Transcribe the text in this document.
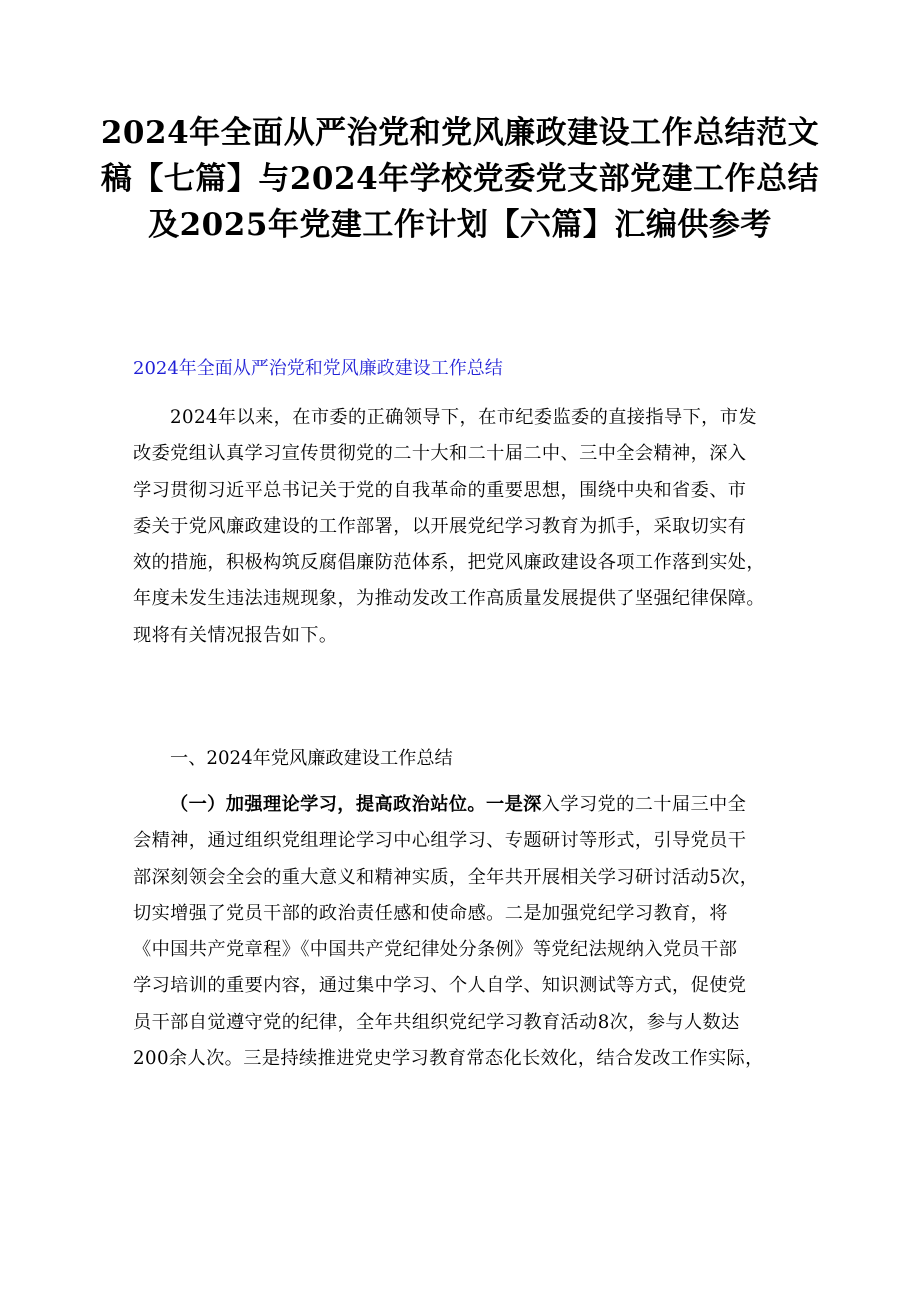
2024年全面从严治党和党风廉政建设工作总结范文
稿【七篇】与2024年学校党委党支部党建工作总结
及2025年党建工作计划【六篇】汇编供参考
2024年全面从严治党和党风廉政建设工作总结
2024年以来，在市委的正确领导下，在市纪委监委的直接指导下，市发
改委党组认真学习宣传贯彻党的二十大和二十届二中、三中全会精神，深入
学习贯彻习近平总书记关于党的自我革命的重要思想，围绕中央和省委、市
委关于党风廉政建设的工作部署，以开展党纪学习教育为抓手，采取切实有
效的措施，积极构筑反腐倡廉防范体系，把党风廉政建设各项工作落到实处，
年度未发生违法违规现象，为推动发改工作高质量发展提供了坚强纪律保障。
现将有关情况报告如下。
一、2024年党风廉政建设工作总结
（一）加强理论学习，提高政治站位。一是深入学习党的二十届三中全
会精神，通过组织党组理论学习中心组学习、专题研讨等形式，引导党员干
部深刻领会全会的重大意义和精神实质，全年共开展相关学习研讨活动5次，
切实增强了党员干部的政治责任感和使命感。二是加强党纪学习教育，将
《中国共产党章程》《中国共产党纪律处分条例》等党纪法规纳入党员干部
学习培训的重要内容，通过集中学习、个人自学、知识测试等方式，促使党
员干部自觉遵守党的纪律，全年共组织党纪学习教育活动8次，参与人数达
200余人次。三是持续推进党史学习教育常态化长效化，结合发改工作实际，
